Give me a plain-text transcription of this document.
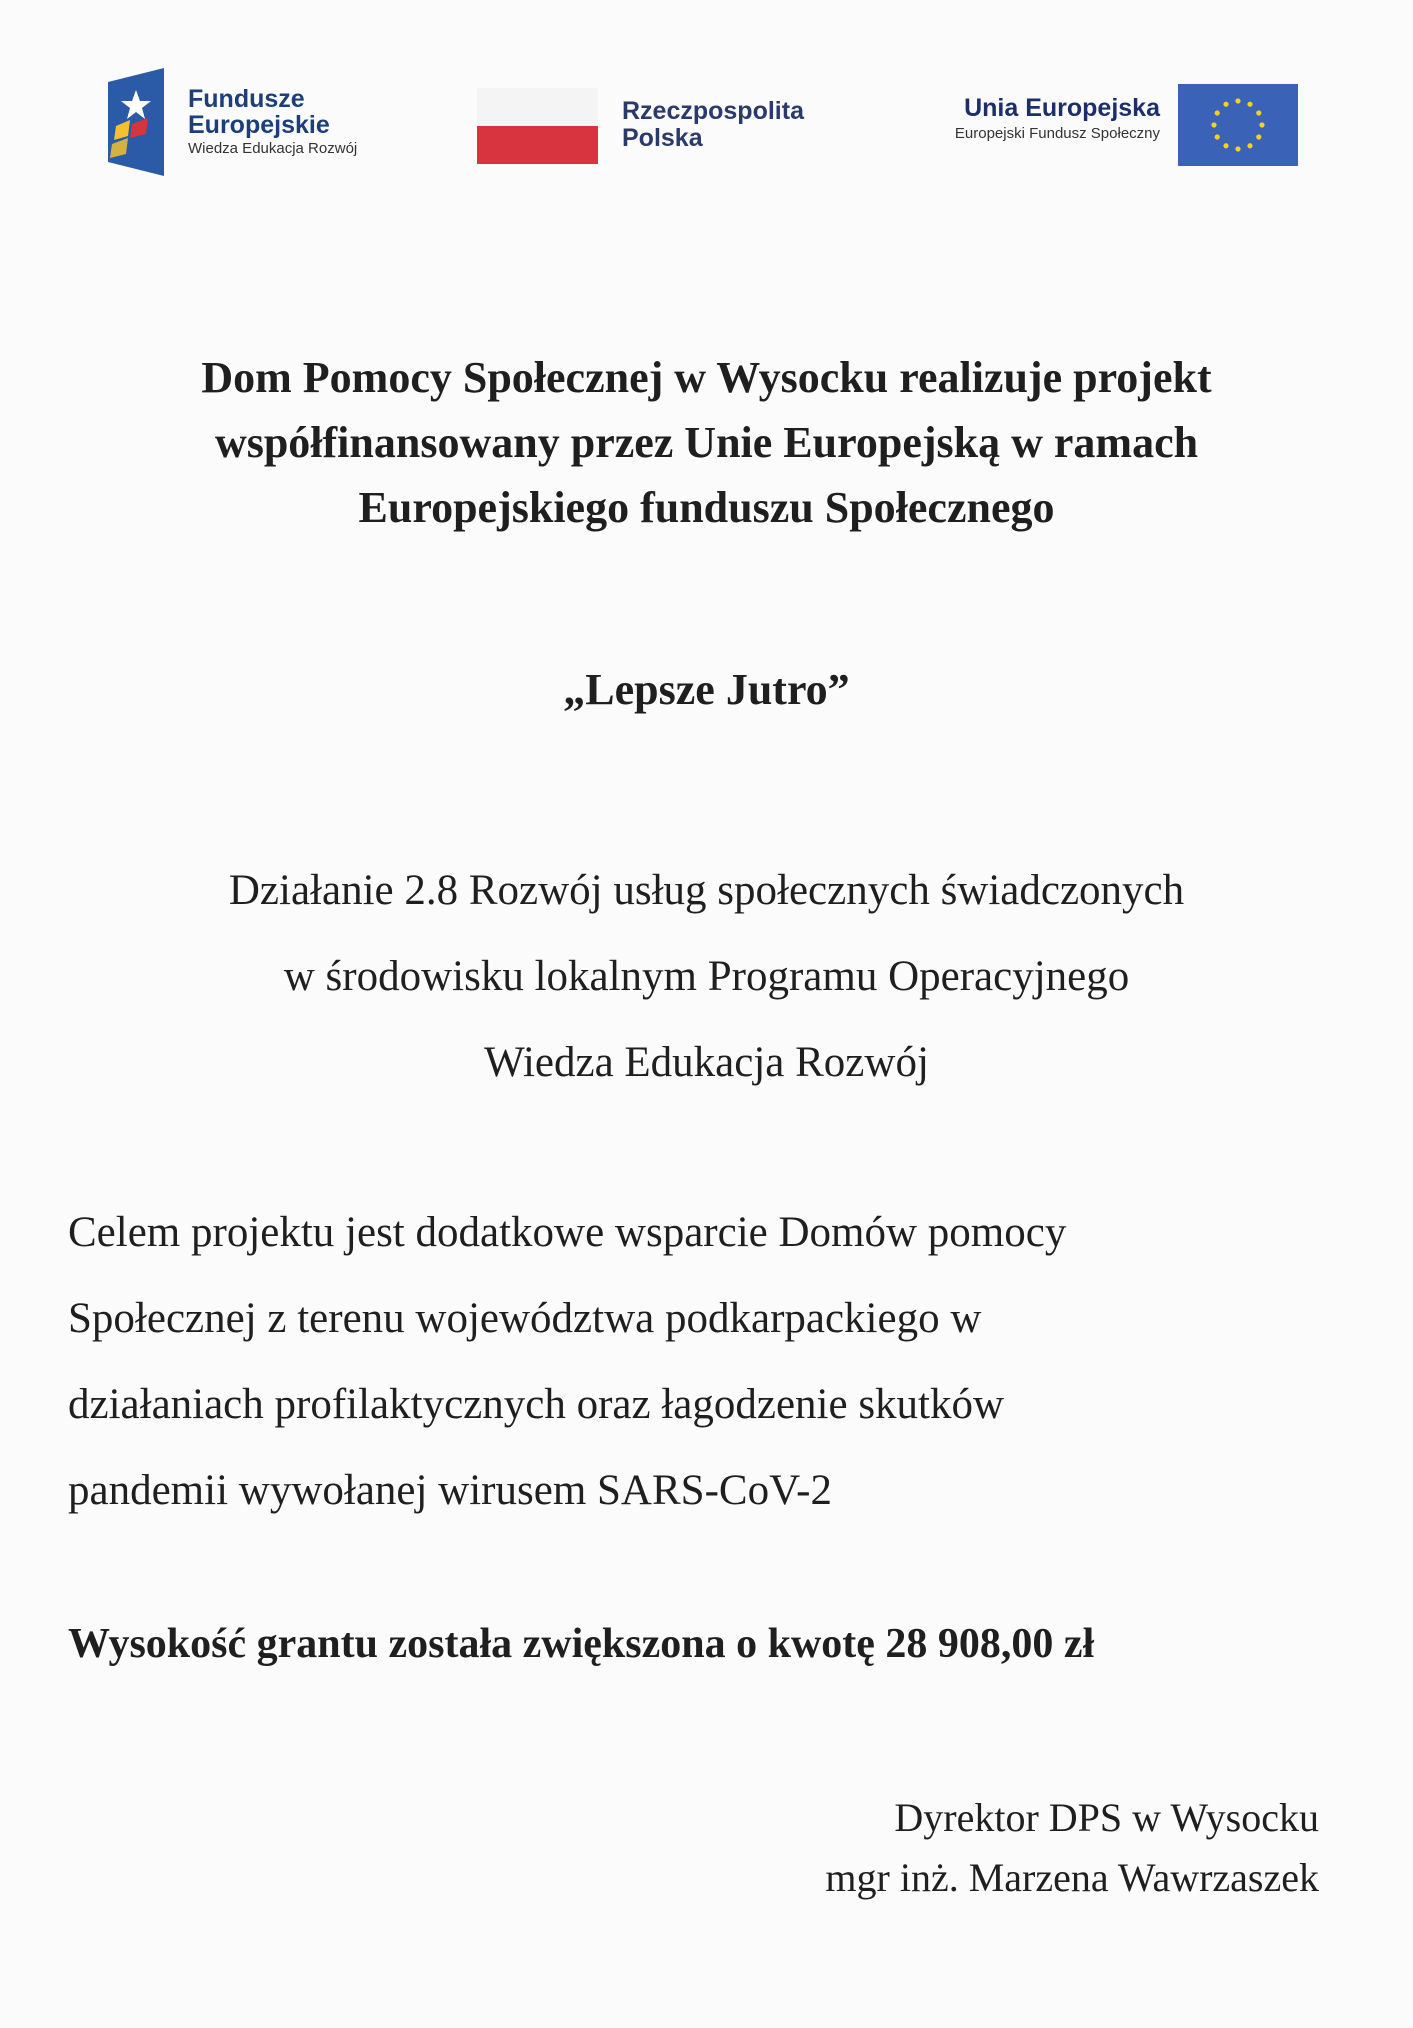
Fundusze
Europejskie
Wiedza Edukacja Rozwój
Rzeczpospolita
Polska
Unia Europejska
Europejski Fundusz Społeczny
Dom Pomocy Społecznej w Wysocku realizuje projekt
współfinansowany przez Unie Europejską w ramach
Europejskiego funduszu Społecznego
„Lepsze Jutro”
Działanie 2.8 Rozwój usług społecznych świadczonych
w środowisku lokalnym Programu Operacyjnego
Wiedza Edukacja Rozwój
Celem projektu jest dodatkowe wsparcie Domów pomocy
Społecznej z terenu województwa podkarpackiego w
działaniach profilaktycznych oraz łagodzenie skutków
pandemii wywołanej wirusem SARS-CoV-2
Wysokość grantu została zwiększona o kwotę 28 908,00 zł
Dyrektor DPS w Wysocku
mgr inż. Marzena Wawrzaszek
